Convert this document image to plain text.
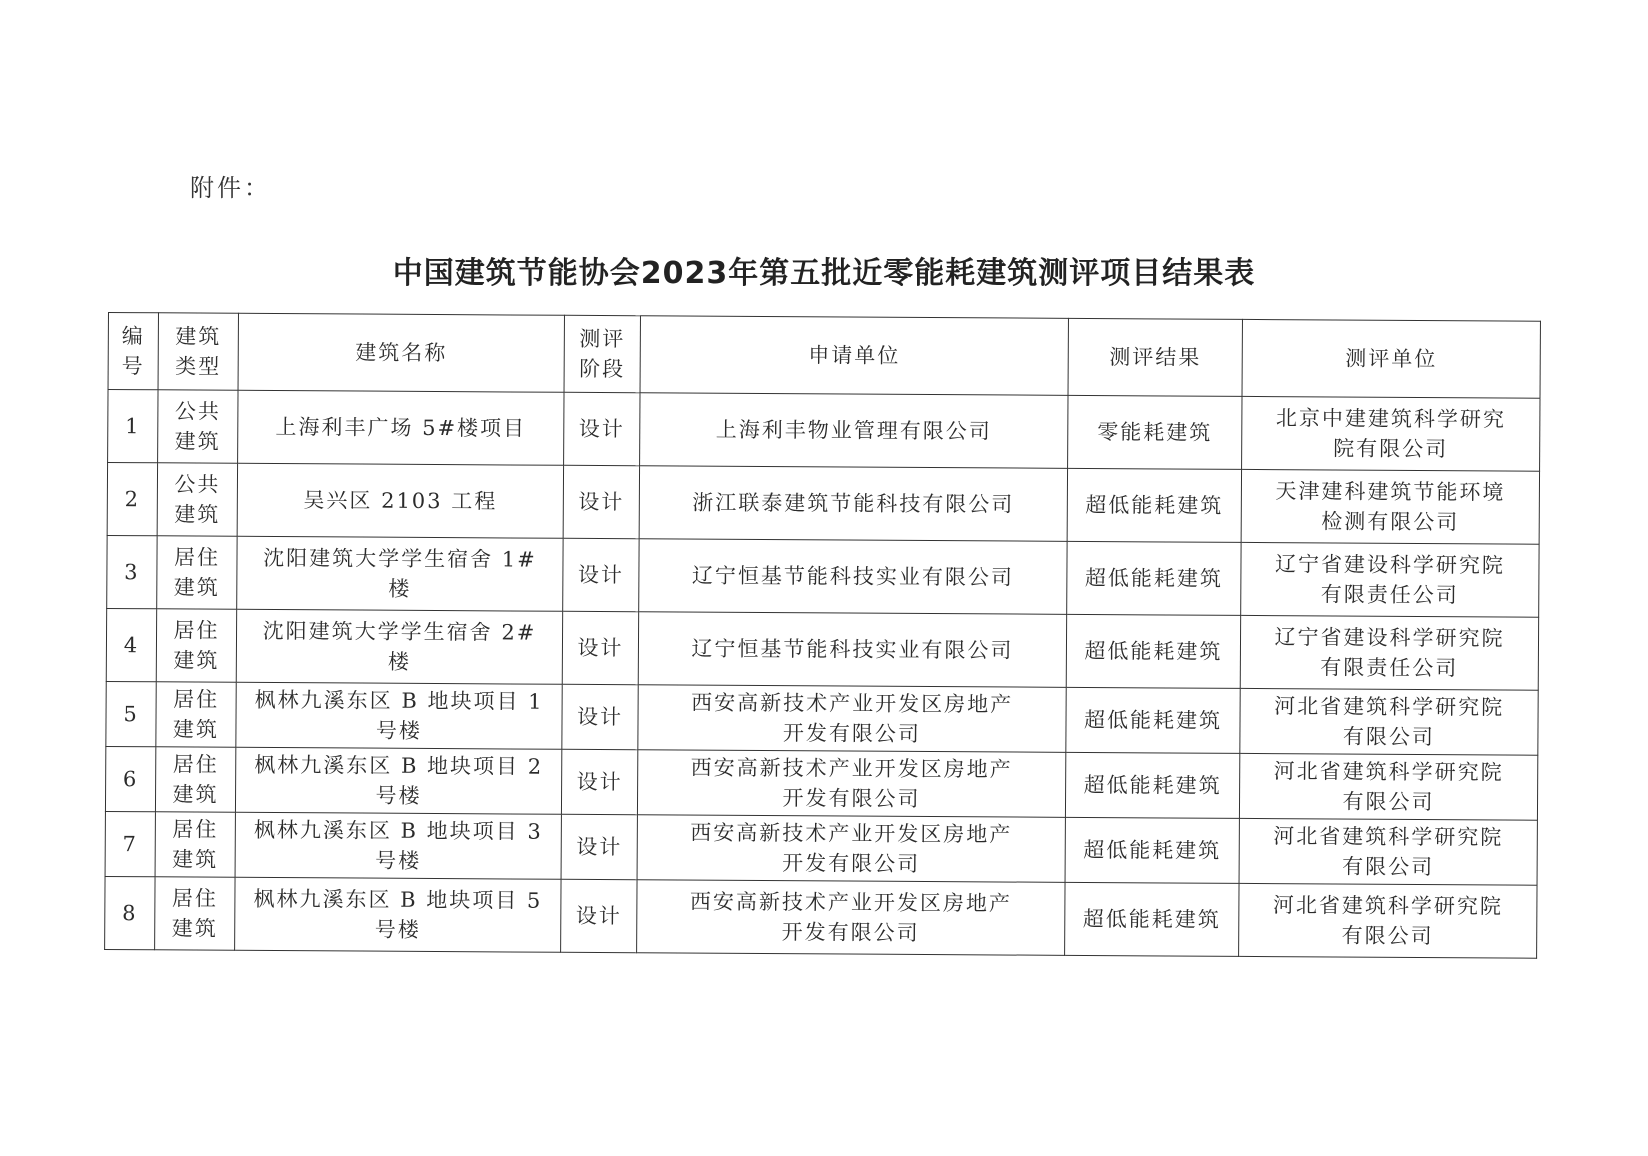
附件：
中国建筑节能协会2023年第五批近零能耗建筑测评项目结果表
编号	建筑类型	建筑名称	测评阶段	申请单位	测评结果	测评单位
1	公共建筑	上海利丰广场 5#楼项目	设计	上海利丰物业管理有限公司	零能耗建筑	北京中建建筑科学研究院有限公司
2	公共建筑	吴兴区 2103 工程	设计	浙江联泰建筑节能科技有限公司	超低能耗建筑	天津建科建筑节能环境检测有限公司
3	居住建筑	沈阳建筑大学学生宿舍 1#楼	设计	辽宁恒基节能科技实业有限公司	超低能耗建筑	辽宁省建设科学研究院有限责任公司
4	居住建筑	沈阳建筑大学学生宿舍 2#楼	设计	辽宁恒基节能科技实业有限公司	超低能耗建筑	辽宁省建设科学研究院有限责任公司
5	居住建筑	枫林九溪东区 B 地块项目 1 号楼	设计	西安高新技术产业开发区房地产开发有限公司	超低能耗建筑	河北省建筑科学研究院有限公司
6	居住建筑	枫林九溪东区 B 地块项目 2 号楼	设计	西安高新技术产业开发区房地产开发有限公司	超低能耗建筑	河北省建筑科学研究院有限公司
7	居住建筑	枫林九溪东区 B 地块项目 3 号楼	设计	西安高新技术产业开发区房地产开发有限公司	超低能耗建筑	河北省建筑科学研究院有限公司
8	居住建筑	枫林九溪东区 B 地块项目 5 号楼	设计	西安高新技术产业开发区房地产开发有限公司	超低能耗建筑	河北省建筑科学研究院有限公司
